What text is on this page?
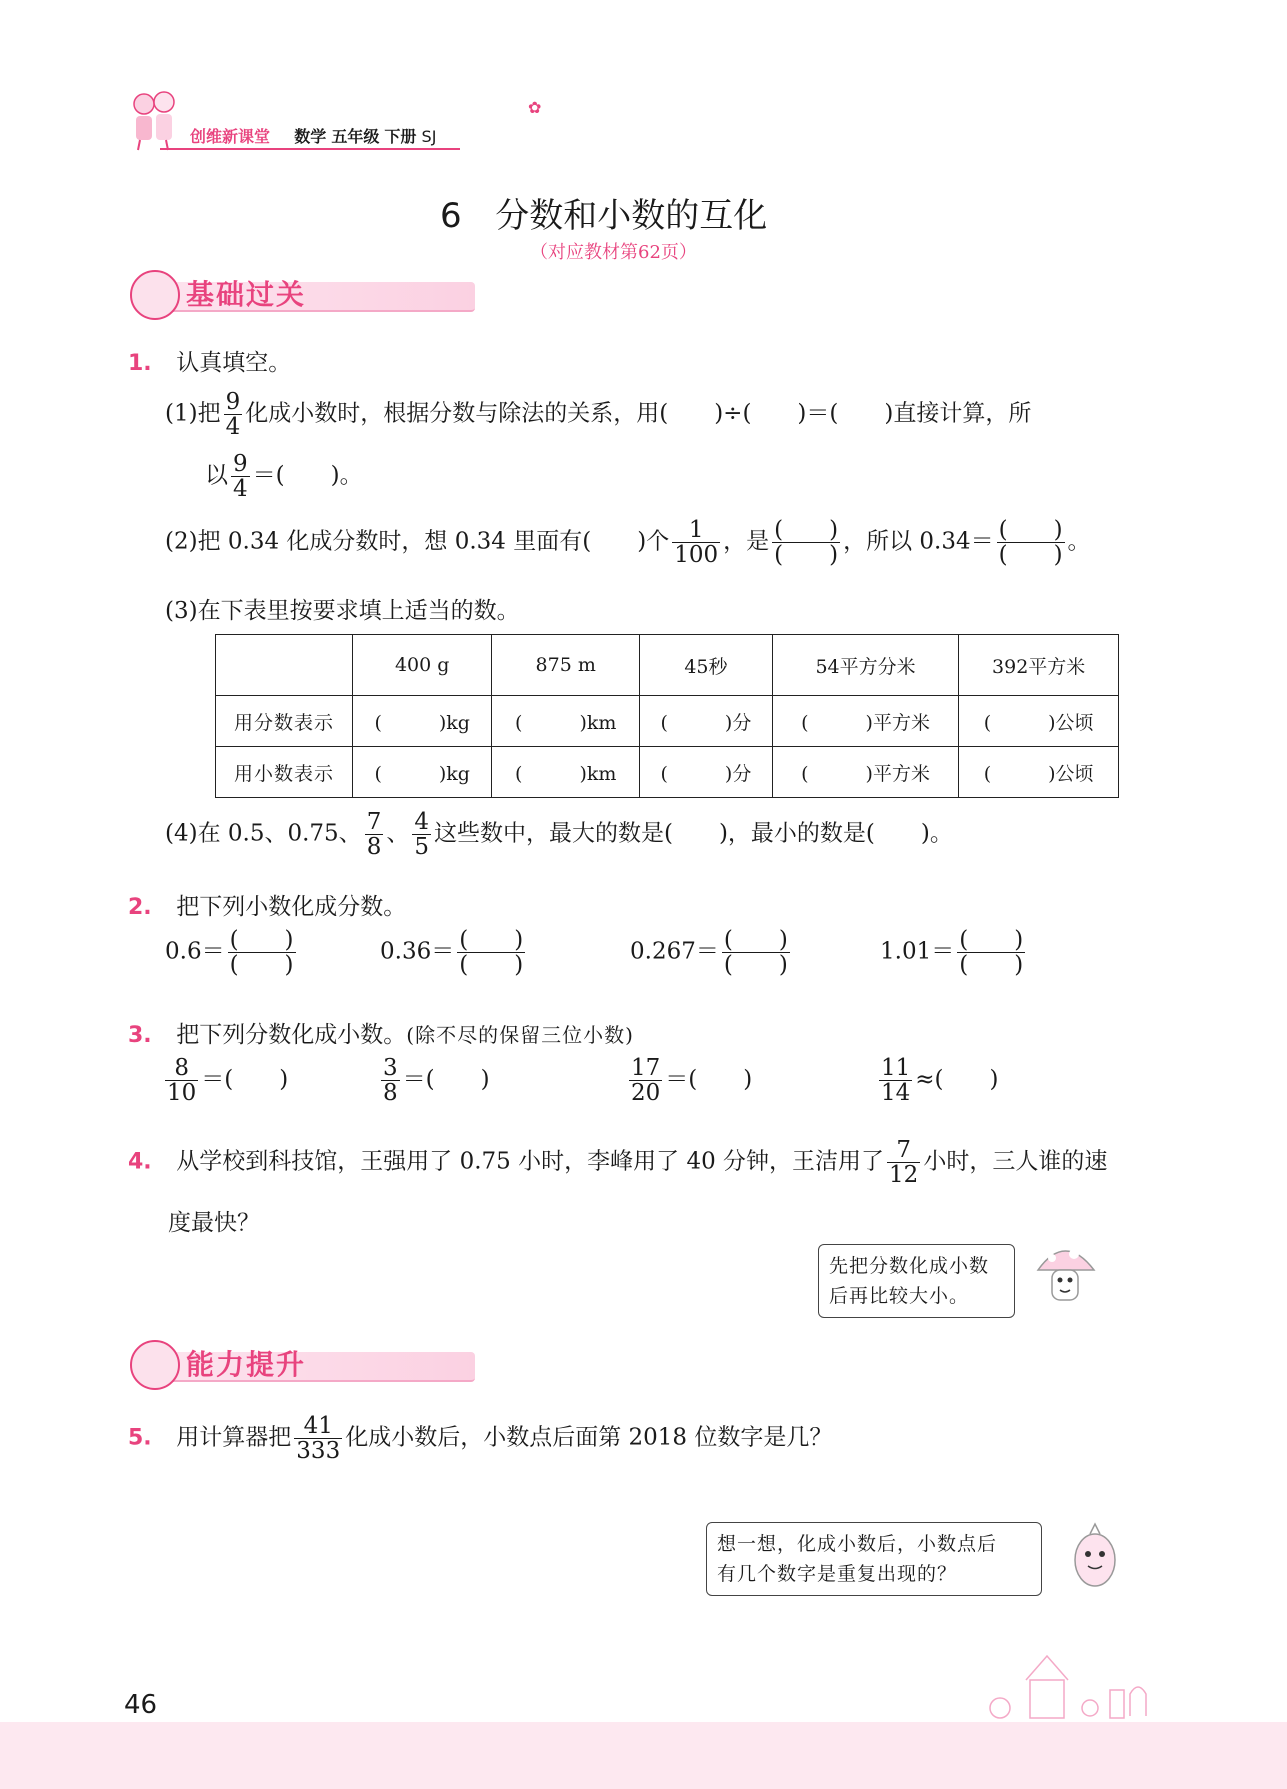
创维新课堂 数学 五年级 下册 SJ
✿
6 分数和小数的互化
（对应教材第62页）
基础过关
1. 认真填空。
(1)把 $\frac{9}{4}$ 化成小数时，根据分数与除法的关系，用(　　)÷(　　)＝(　　)直接计算，所
以 $\frac{9}{4}$ ＝(　　)。
(2)把 0.34 化成分数时，想 0.34 里面有(　　)个 $\frac{1}{100}$ ，是 $\frac{( )}{( )}$ ，所以 $0.34= \frac{( )}{( )}$ 。
(3)在下表里按要求填上适当的数。
	400 g	875 m	45秒	54平方分米	392平方米
用分数表示	(　　　)kg	(　　　)km	(　　　)分	(　　　)平方米	(　　　)公顷
用小数表示	(　　　)kg	(　　　)km	(　　　)分	(　　　)平方米	(　　　)公顷
(4)在 0.5、0.75、 $\frac{7}{8}$ 、 $\frac{4}{5}$ 这些数中，最大的数是(　　)，最小的数是(　　)。
2. 把下列小数化成分数。
$0.6= \frac{( )}{( )}$	$0.36= \frac{( )}{( )}$	$0.267= \frac{( )}{( )}$	$1.01= \frac{( )}{( )}$
3. 把下列分数化成小数。(除不尽的保留三位小数)
$\frac{8}{10}$ ＝(　　)	$\frac{3}{8}$ ＝(　　)	$\frac{17}{20}$ ＝(　　)	$\frac{11}{14}$ ≈(　　)
4. 从学校到科技馆，王强用了 0.75 小时，李峰用了 40 分钟，王洁用了 $\frac{7}{12}$ 小时，三人谁的速
度最快？
先把分数化成小数
后再比较大小。
能力提升
5. 用计算器把 $\frac{41}{333}$ 化成小数后，小数点后面第 2018 位数字是几？
想一想，化成小数后，小数点后
有几个数字是重复出现的？
46
